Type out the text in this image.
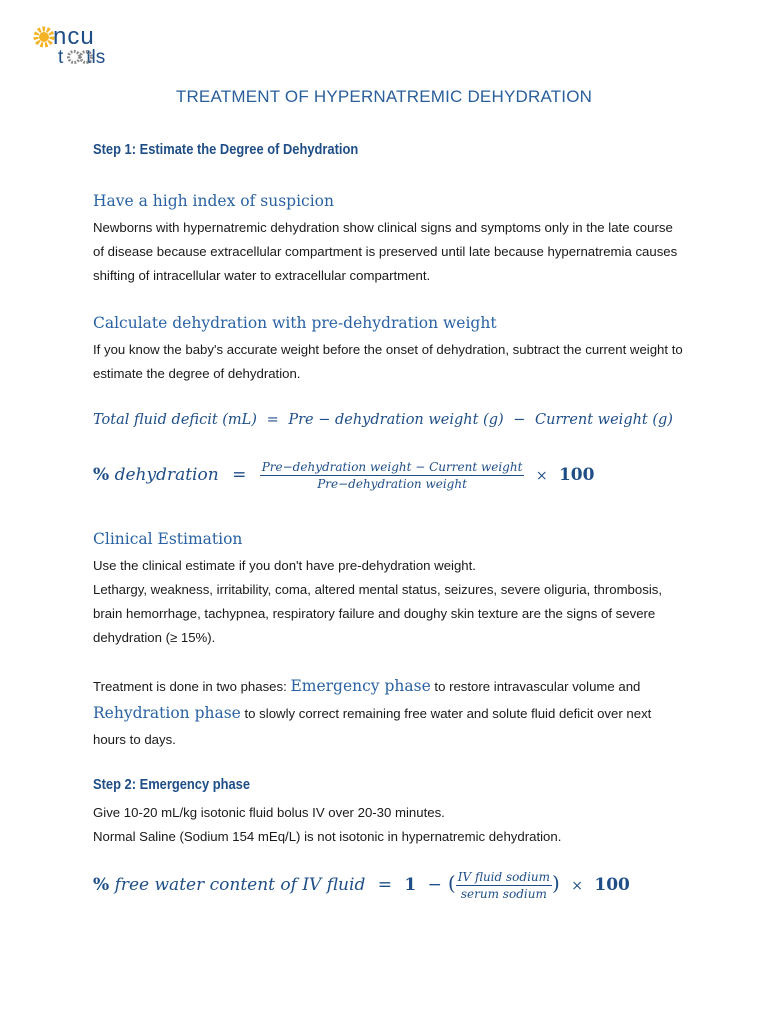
ncu
t tls
TREATMENT OF HYPERNATREMIC DEHYDRATION
Step 1: Estimate the Degree of Dehydration
Have a high index of suspicion

Newborns with hypernatremic dehydration show clinical signs and symptoms only in the late course of disease because extracellular compartment is preserved until late because hypernatremia causes shifting of intracellular water to extracellular compartment.

Calculate dehydration with pre-dehydration weight

If you know the baby's accurate weight before the onset of dehydration, subtract the current weight to estimate the degree of dehydration.

Total fluid deficit (mL) = Pre − dehydration weight (g) − Current weight (g)
% dehydration = $\frac{\text{Pre−dehydration weight − Current weight}}{\text{Pre−dehydration weight}} \times 100$
Clinical Estimation

Use the clinical estimate if you don't have pre-dehydration weight.

Lethargy, weakness, irritability, coma, altered mental status, seizures, severe oliguria, thrombosis, brain hemorrhage, tachypnea, respiratory failure and doughy skin texture are the signs of severe dehydration (≥ 15%).

Treatment is done in two phases: Emergency phase to restore intravascular volume and Rehydration phase to slowly correct remaining free water and solute fluid deficit over next hours to days.

Step 2: Emergency phase

Give 10-20 mL/kg isotonic fluid bolus IV over 20-30 minutes.

Normal Saline (Sodium 154 mEq/L) is not isotonic in hypernatremic dehydration.

% free water content of IV fluid = 1 − ( $\frac{\text{IV fluid sodium}}{\text{serum sodium}}$ ) × 100
